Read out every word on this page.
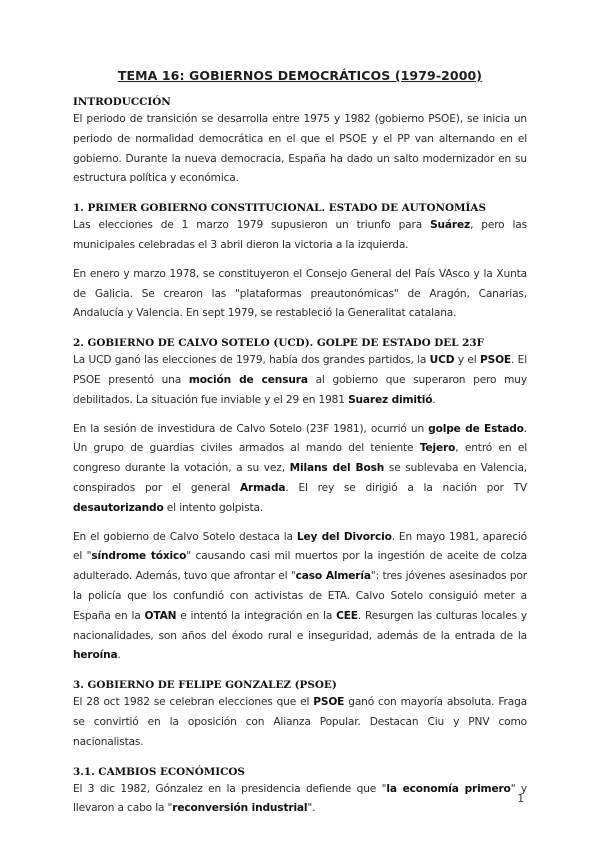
TEMA 16: GOBIERNOS DEMOCRÁTICOS (1979-2000)
INTRODUCCIÓN

El periodo de transición se desarrolla entre 1975 y 1982 (gobierno PSOE), se inicia un periodo de normalidad democrática en el que el PSOE y el PP van alternando en el gobierno. Durante la nueva democracia, España ha dado un salto modernizador en su estructura política y económica.

1. PRIMER GOBIERNO CONSTITUCIONAL. ESTADO DE AUTONOMÍAS

Las elecciones de 1 marzo 1979 supusieron un triunfo para Suárez, pero las municipales celebradas el 3 abril dieron la victoria a la izquierda.

En enero y marzo 1978, se constituyeron el Consejo General del País VAsco y la Xunta de Galicia. Se crearon las "plataformas preautonómicas" de Aragón, Canarias, Andalucía y Valencia. En sept 1979, se restableció la Generalitat catalana.

2. GOBIERNO DE CALVO SOTELO (UCD). GOLPE DE ESTADO DEL 23F

La UCD ganó las elecciones de 1979, había dos grandes partidos, la UCD y el PSOE. El PSOE presentó una moción de censura al gobierno que superaron pero muy debilitados. La situación fue inviable y el 29 en 1981 Suarez dimitió.

En la sesión de investidura de Calvo Sotelo (23F 1981), ocurrió un golpe de Estado. Un grupo de guardias civiles armados al mando del teniente Tejero, entró en el congreso durante la votación, a su vez, Milans del Bosh se sublevaba en Valencia, conspirados por el general Armada. El rey se dirigió a la nación por TV desautorizando el intento golpista.

En el gobierno de Calvo Sotelo destaca la Ley del Divorcio. En mayo 1981, apareció el "síndrome tóxico" causando casi mil muertos por la ingestión de aceite de colza adulterado. Además, tuvo que afrontar el "caso Almería": tres jóvenes asesinados por la policía que los confundió con activistas de ETA. Calvo Sotelo consiguió meter a España en la OTAN e intentó la integración en la CEE. Resurgen las culturas locales y nacionalidades, son años del éxodo rural e inseguridad, además de la entrada de la heroína.

3. GOBIERNO DE FELIPE GONZALEZ (PSOE)

El 28 oct 1982 se celebran elecciones que el PSOE ganó con mayoría absoluta. Fraga se convirtió en la oposición con Alianza Popular. Destacan Ciu y PNV como nacionalistas.

3.1. CAMBIOS ECONÓMICOS

El 3 dic 1982, Gónzalez en la presidencia defiende que "la economía primero" y llevaron a cabo la "reconversión industrial".

1
